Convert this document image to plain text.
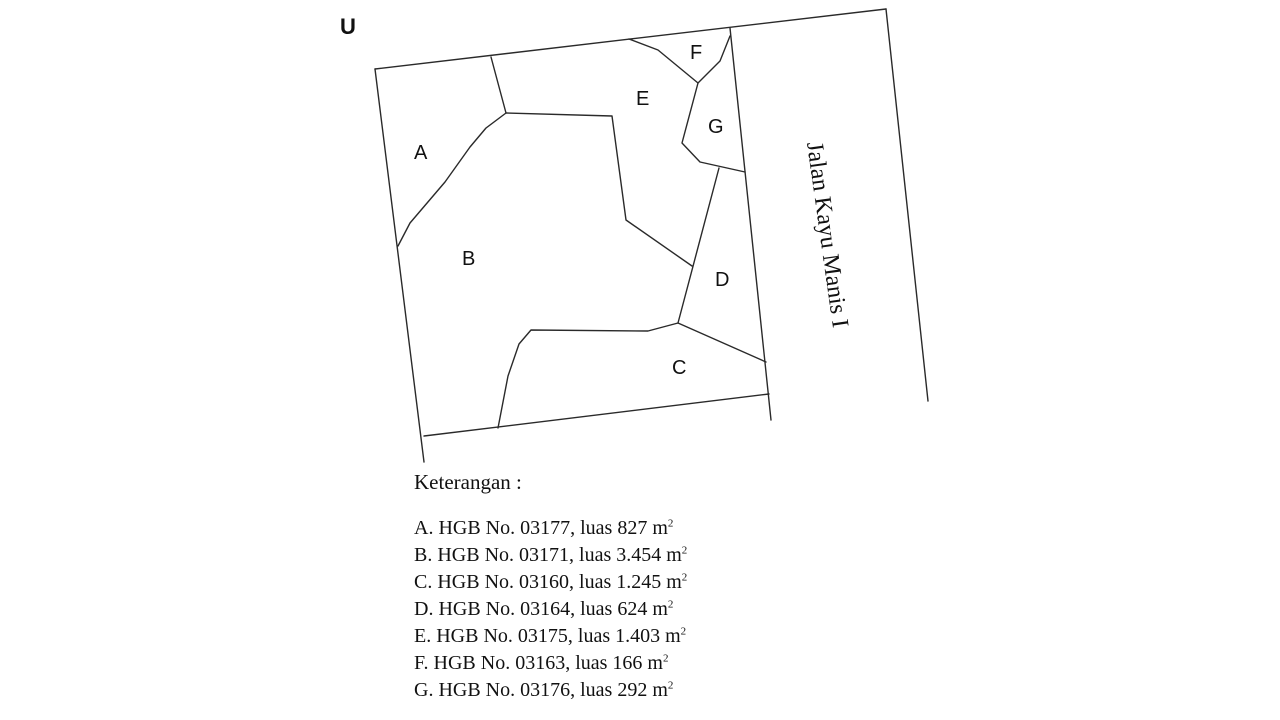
U
A
B
C
D
E
F
G
Jalan Kayu Manis I
Keterangan :
A. HGB No. 03177, luas 827 $m^2$
B. HGB No. 03171, luas 3.454 $m^2$
C. HGB No. 03160, luas 1.245 $m^2$
D. HGB No. 03164, luas 624 $m^2$
E. HGB No. 03175, luas 1.403 $m^2$
F. HGB No. 03163, luas 166 $m^2$
G. HGB No. 03176, luas 292 $m^2$
